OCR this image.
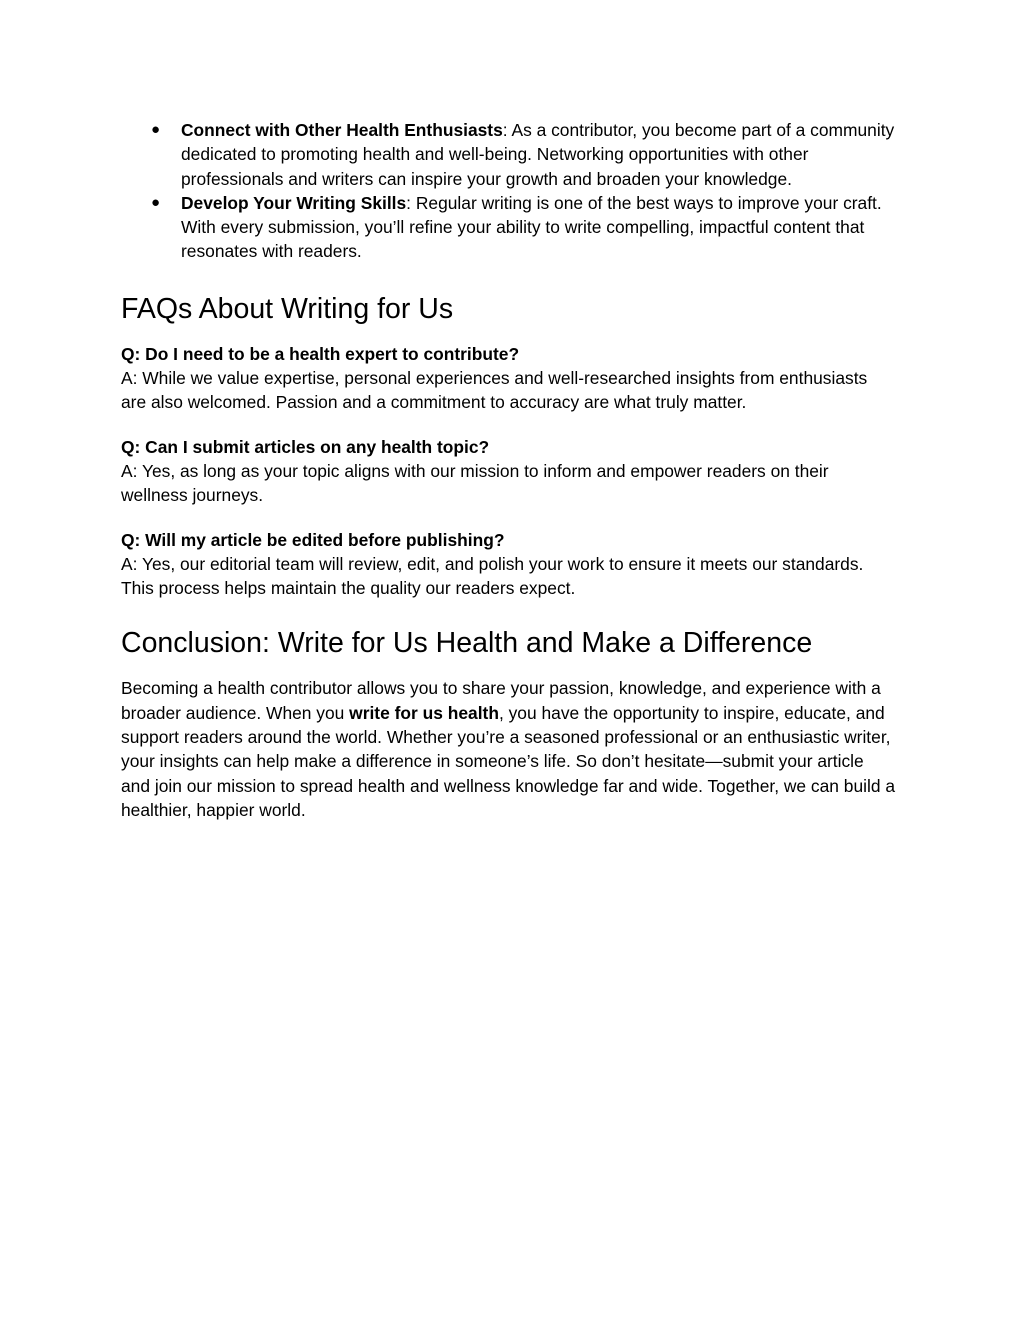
● Connect with Other Health Enthusiasts: As a contributor, you become part of a community dedicated to promoting health and well-being. Networking opportunities with other professionals and writers can inspire your growth and broaden your knowledge.
● Develop Your Writing Skills: Regular writing is one of the best ways to improve your craft. With every submission, you’ll refine your ability to write compelling, impactful content that resonates with readers.
FAQs About Writing for Us
Q: Do I need to be a health expert to contribute?
A: While we value expertise, personal experiences and well-researched insights from enthusiasts are also welcomed. Passion and a commitment to accuracy are what truly matter.
Q: Can I submit articles on any health topic?
A: Yes, as long as your topic aligns with our mission to inform and empower readers on their wellness journeys.
Q: Will my article be edited before publishing?
A: Yes, our editorial team will review, edit, and polish your work to ensure it meets our standards. This process helps maintain the quality our readers expect.
Conclusion: Write for Us Health and Make a Difference

Becoming a health contributor allows you to share your passion, knowledge, and experience with a broader audience. When you write for us health, you have the opportunity to inspire, educate, and support readers around the world. Whether you’re a seasoned professional or an enthusiastic writer, your insights can help make a difference in someone’s life. So don’t hesitate—submit your article and join our mission to spread health and wellness knowledge far and wide. Together, we can build a healthier, happier world.
